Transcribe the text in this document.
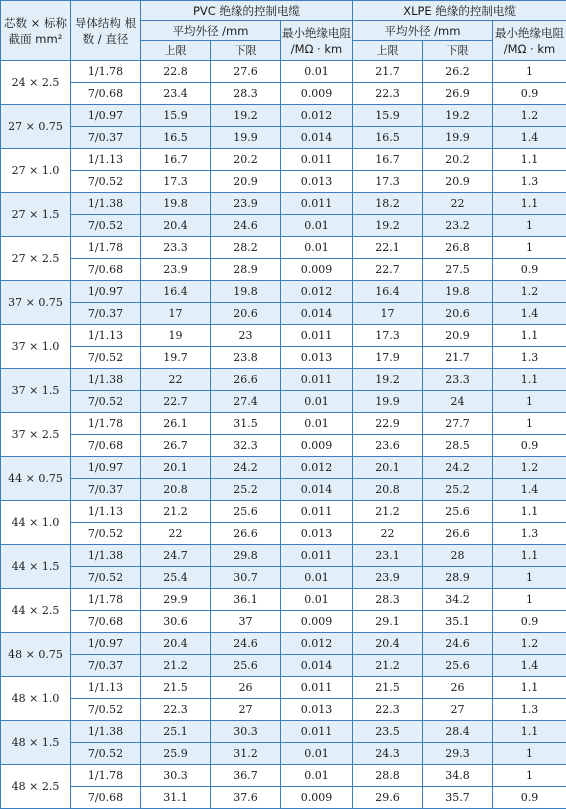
芯数 × 标称截面 mm²	导体结构 根数 / 直径	PVC 绝缘的控制电缆			XLPE 绝缘的控制电缆		
		平均外径 /mm		最小绝缘电阻 /MΩ · km	平均外径 /mm		最小绝缘电阻 /MΩ · km
		上限	下限		上限	下限	
24 × 2.5	1/1.78	22.8	27.6	0.01	21.7	26.2	1
	7/0.68	23.4	28.3	0.009	22.3	26.9	0.9
27 × 0.75	1/0.97	15.9	19.2	0.012	15.9	19.2	1.2
	7/0.37	16.5	19.9	0.014	16.5	19.9	1.4
27 × 1.0	1/1.13	16.7	20.2	0.011	16.7	20.2	1.1
	7/0.52	17.3	20.9	0.013	17.3	20.9	1.3
27 × 1.5	1/1.38	19.8	23.9	0.011	18.2	22	1.1
	7/0.52	20.4	24.6	0.01	19.2	23.2	1
27 × 2.5	1/1.78	23.3	28.2	0.01	22.1	26.8	1
	7/0.68	23.9	28.9	0.009	22.7	27.5	0.9
37 × 0.75	1/0.97	16.4	19.8	0.012	16.4	19.8	1.2
	7/0.37	17	20.6	0.014	17	20.6	1.4
37 × 1.0	1/1.13	19	23	0.011	17.3	20.9	1.1
	7/0.52	19.7	23.8	0.013	17.9	21.7	1.3
37 × 1.5	1/1.38	22	26.6	0.011	19.2	23.3	1.1
	7/0.52	22.7	27.4	0.01	19.9	24	1
37 × 2.5	1/1.78	26.1	31.5	0.01	22.9	27.7	1
	7/0.68	26.7	32.3	0.009	23.6	28.5	0.9
44 × 0.75	1/0.97	20.1	24.2	0.012	20.1	24.2	1.2
	7/0.37	20.8	25.2	0.014	20.8	25.2	1.4
44 × 1.0	1/1.13	21.2	25.6	0.011	21.2	25.6	1.1
	7/0.52	22	26.6	0.013	22	26.6	1.3
44 × 1.5	1/1.38	24.7	29.8	0.011	23.1	28	1.1
	7/0.52	25.4	30.7	0.01	23.9	28.9	1
44 × 2.5	1/1.78	29.9	36.1	0.01	28.3	34.2	1
	7/0.68	30.6	37	0.009	29.1	35.1	0.9
48 × 0.75	1/0.97	20.4	24.6	0.012	20.4	24.6	1.2
	7/0.37	21.2	25.6	0.014	21.2	25.6	1.4
48 × 1.0	1/1.13	21.5	26	0.011	21.5	26	1.1
	7/0.52	22.3	27	0.013	22.3	27	1.3
48 × 1.5	1/1.38	25.1	30.3	0.011	23.5	28.4	1.1
	7/0.52	25.9	31.2	0.01	24.3	29.3	1
48 × 2.5	1/1.78	30.3	36.7	0.01	28.8	34.8	1
	7/0.68	31.1	37.6	0.009	29.6	35.7	0.9
